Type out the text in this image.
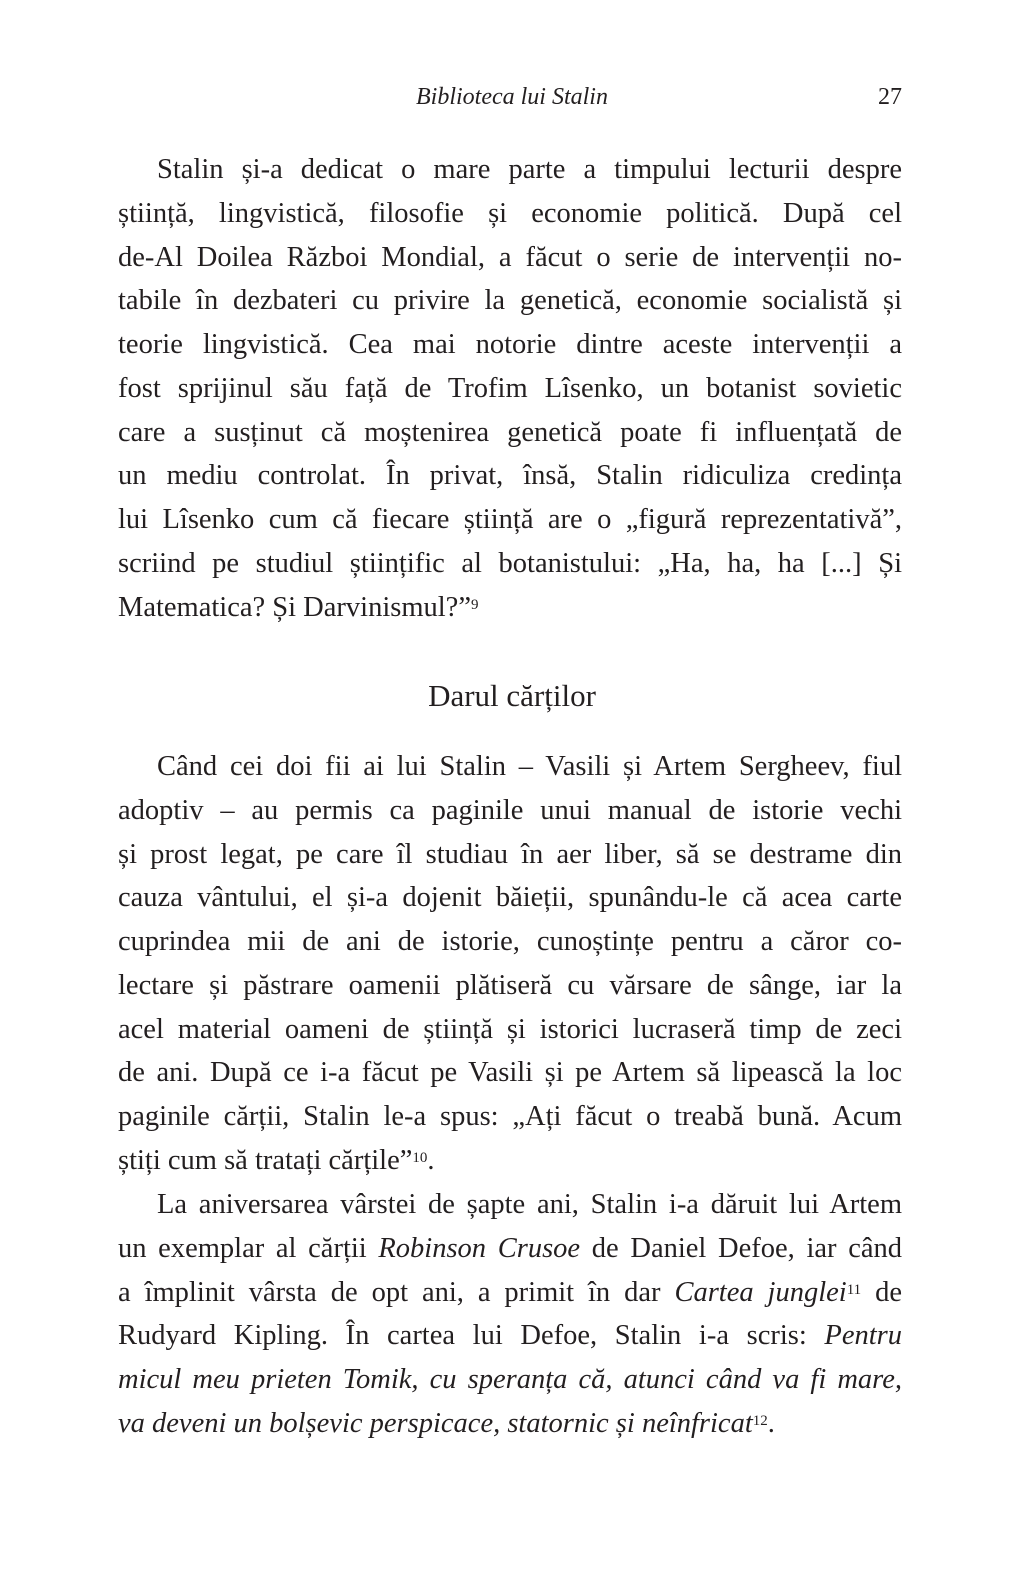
Biblioteca lui Stalin	27
Stalin și-a dedicat o mare parte a timpului lecturii despre
știință, lingvistică, filosofie și economie politică. După cel
de-Al Doilea Război Mondial, a făcut o serie de intervenții no-
tabile în dezbateri cu privire la genetică, economie socialistă și
teorie lingvistică. Cea mai notorie dintre aceste intervenții a
fost sprijinul său față de Trofim Lîsenko, un botanist sovietic
care a susținut că moștenirea genetică poate fi influențată de
un mediu controlat. În privat, însă, Stalin ridiculiza credința
lui Lîsenko cum că fiecare știință are o „figură reprezentativă”,
scriind pe studiul științific al botanistului: „Ha, ha, ha [...] Și
Matematica? Și Darvinismul?”$^9$
Darul cărților
Când cei doi fii ai lui Stalin – Vasili și Artem Sergheev, fiul
adoptiv – au permis ca paginile unui manual de istorie vechi
și prost legat, pe care îl studiau în aer liber, să se destrame din
cauza vântului, el și-a dojenit băieții, spunându-le că acea carte
cuprindea mii de ani de istorie, cunoștințe pentru a căror co-
lectare și păstrare oamenii plătiseră cu vărsare de sânge, iar la
acel material oameni de știință și istorici lucraseră timp de zeci
de ani. După ce i-a făcut pe Vasili și pe Artem să lipească la loc
paginile cărții, Stalin le-a spus: „Ați făcut o treabă bună. Acum
știți cum să tratați cărțile”$^{10}$.
La aniversarea vârstei de șapte ani, Stalin i-a dăruit lui Artem
un exemplar al cărții Robinson Crusoe de Daniel Defoe, iar când
a împlinit vârsta de opt ani, a primit în dar Cartea junglei$^{11}$ de
Rudyard Kipling. În cartea lui Defoe, Stalin i-a scris: Pentru
micul meu prieten Tomik, cu speranța că, atunci când va fi mare,
va deveni un bolșevic perspicace, statornic și neînfricat$^{12}$.
